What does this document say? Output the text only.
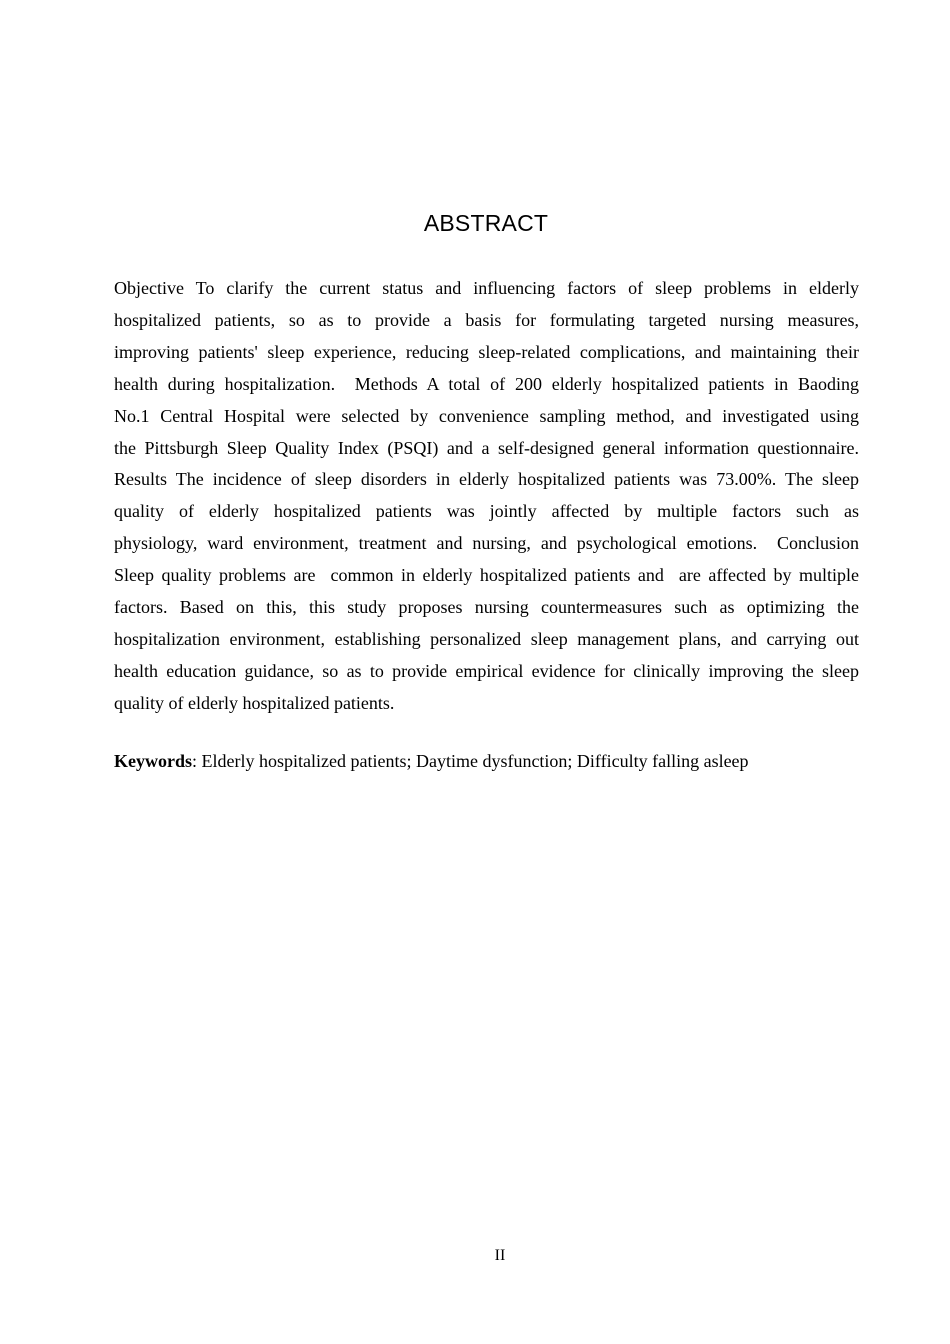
ABSTRACT
Objective To clarify the current status and influencing factors of sleep problems in elderly
hospitalized patients, so as to provide a basis for formulating targeted nursing measures,
improving patients' sleep experience, reducing sleep-related complications, and maintaining their
health during hospitalization.  Methods A total of 200 elderly hospitalized patients in Baoding
No.1 Central Hospital were selected by convenience sampling method, and investigated using
the Pittsburgh Sleep Quality Index (PSQI) and a self-designed general information questionnaire.
Results The incidence of sleep disorders in elderly hospitalized patients was 73.00%. The sleep
quality of elderly hospitalized patients was jointly affected by multiple factors such as
physiology, ward environment, treatment and nursing, and psychological emotions.  Conclusion
Sleep quality problems are  common in elderly hospitalized patients and  are affected by multiple
factors. Based on this, this study proposes nursing countermeasures such as optimizing the
hospitalization environment, establishing personalized sleep management plans, and carrying out
health education guidance, so as to provide empirical evidence for clinically improving the sleep
quality of elderly hospitalized patients.

Keywords: Elderly hospitalized patients; Daytime dysfunction; Difficulty falling asleep

II
